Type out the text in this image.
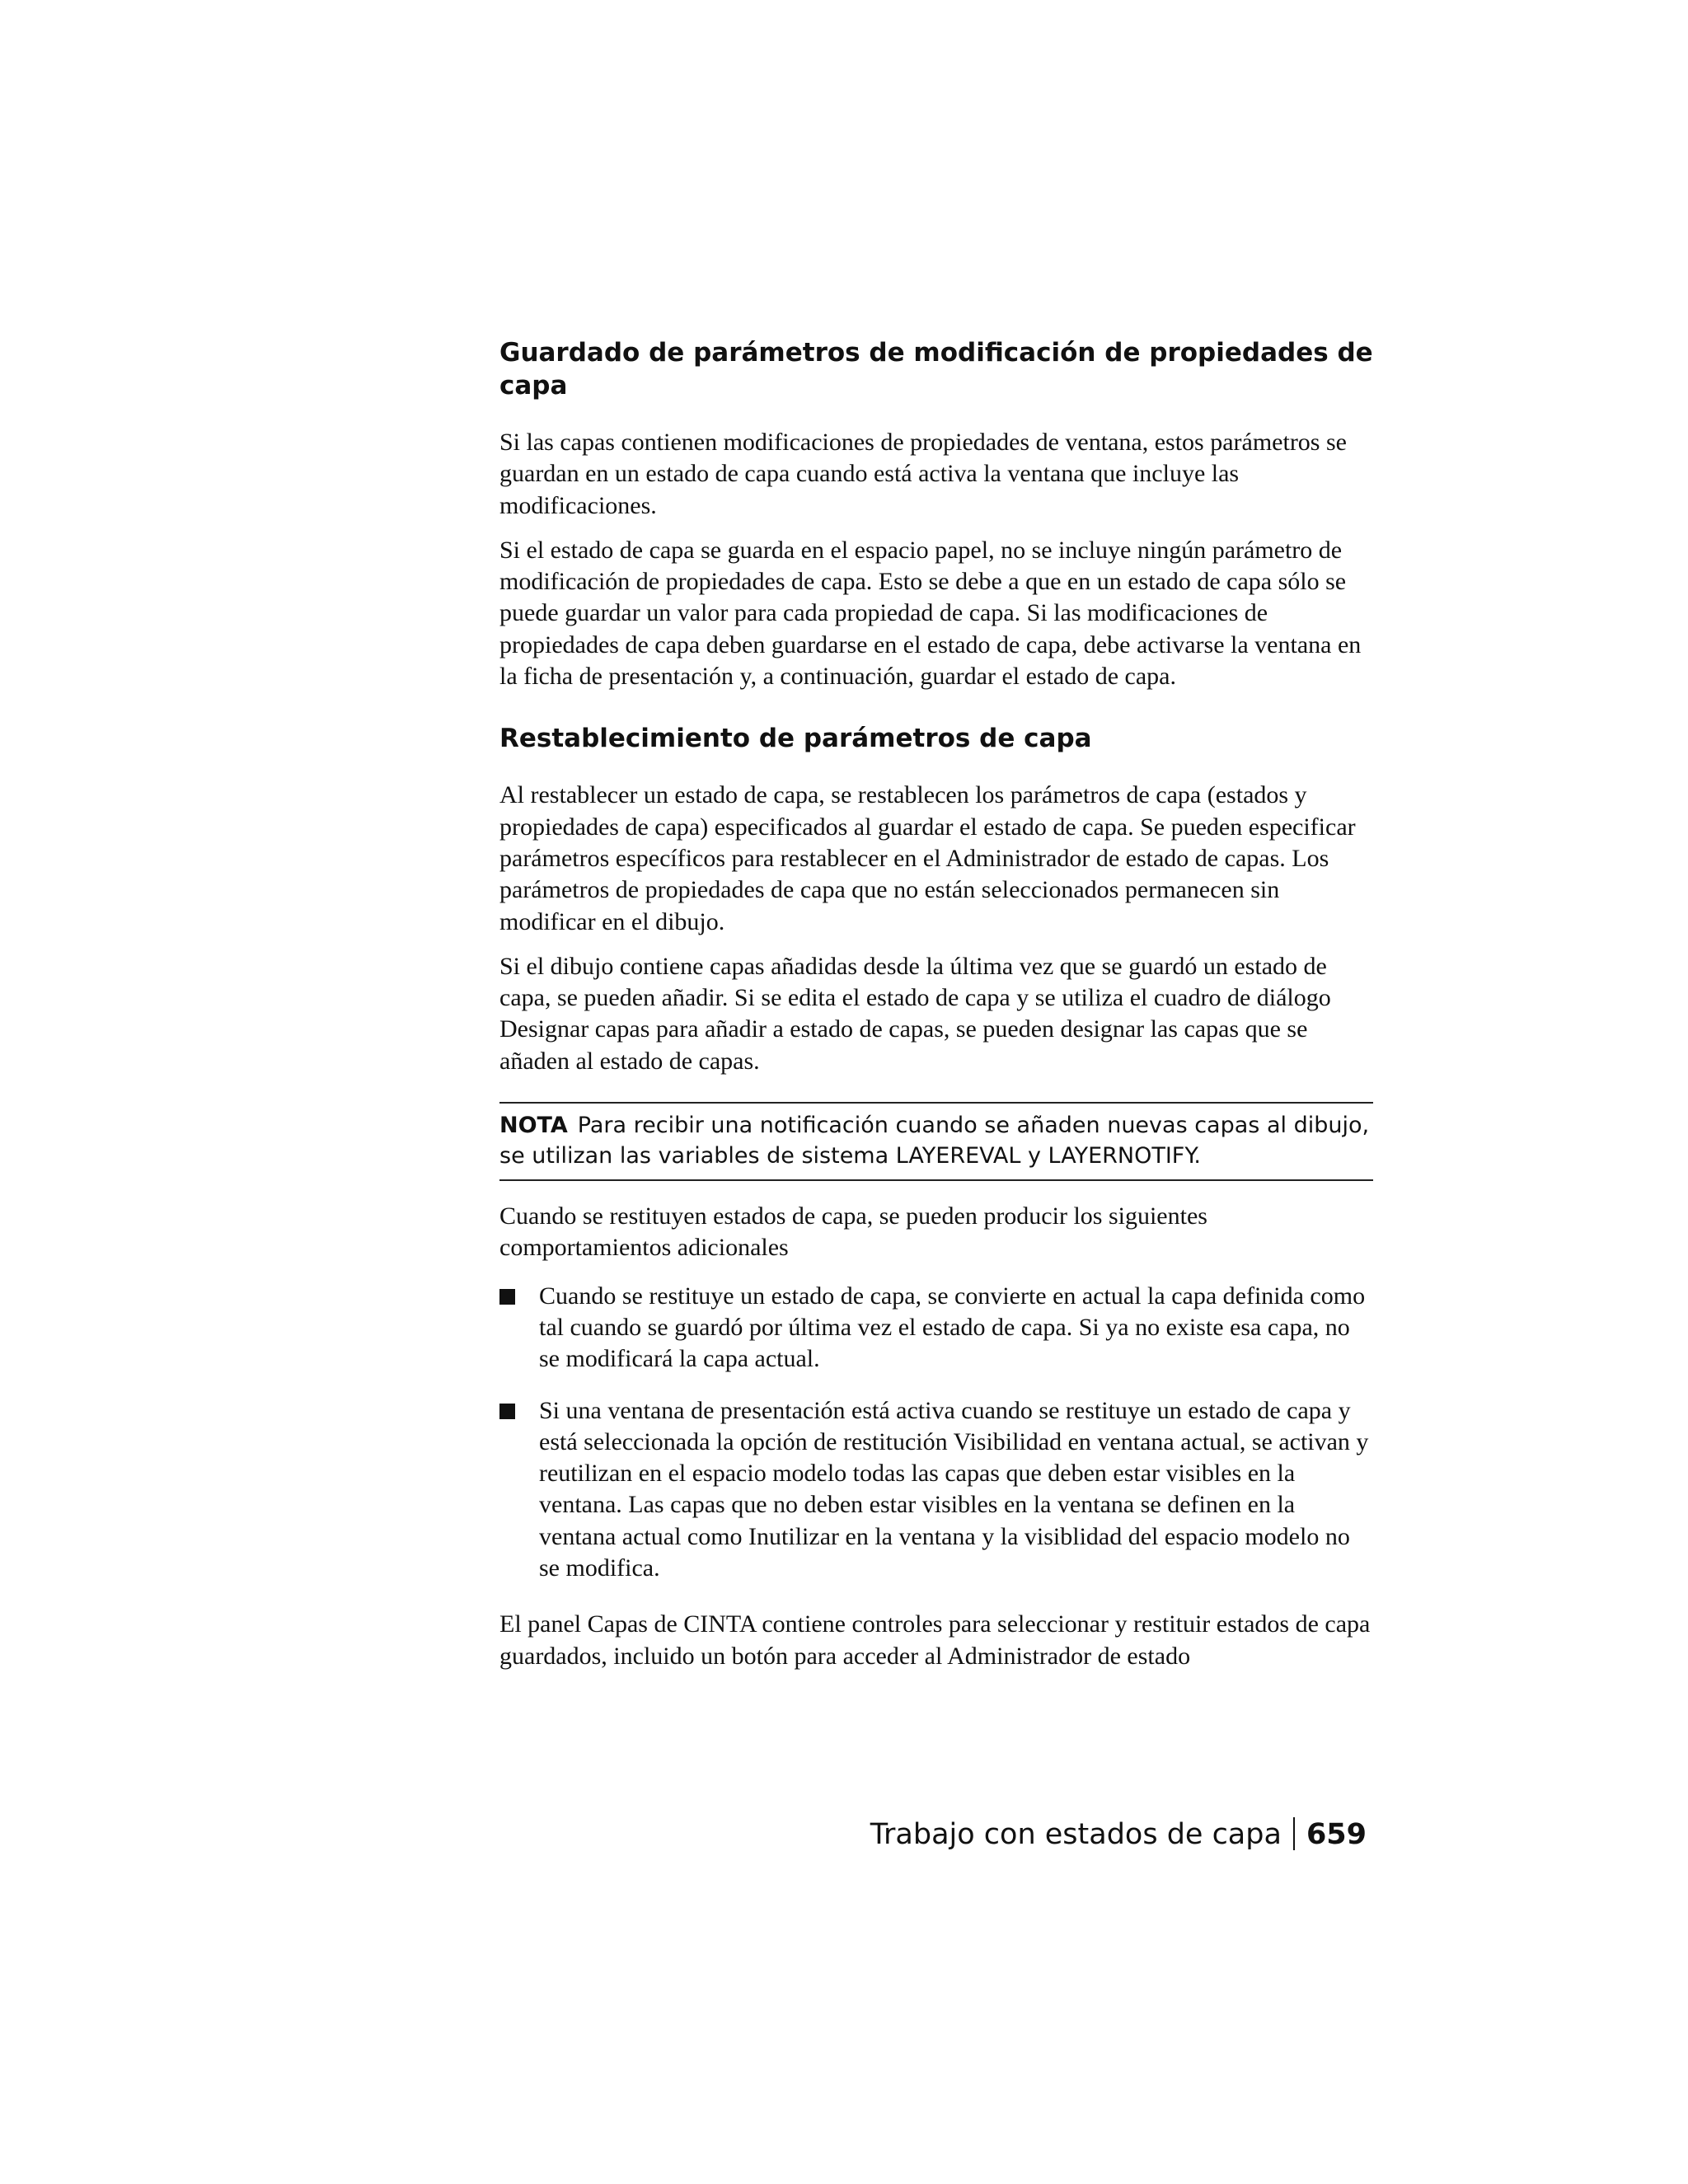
Guardado de parámetros de modificación de propiedades de capa

Si las capas contienen modificaciones de propiedades de ventana, estos parámetros se guardan en un estado de capa cuando está activa la ventana que incluye las modificaciones.

Si el estado de capa se guarda en el espacio papel, no se incluye ningún parámetro de modificación de propiedades de capa. Esto se debe a que en un estado de capa sólo se puede guardar un valor para cada propiedad de capa. Si las modificaciones de propiedades de capa deben guardarse en el estado de capa, debe activarse la ventana en la ficha de presentación y, a continuación, guardar el estado de capa.

Restablecimiento de parámetros de capa

Al restablecer un estado de capa, se restablecen los parámetros de capa (estados y propiedades de capa) especificados al guardar el estado de capa. Se pueden especificar parámetros específicos para restablecer en el Administrador de estado de capas. Los parámetros de propiedades de capa que no están seleccionados permanecen sin modificar en el dibujo.

Si el dibujo contiene capas añadidas desde la última vez que se guardó un estado de capa, se pueden añadir. Si se edita el estado de capa y se utiliza el cuadro de diálogo Designar capas para añadir a estado de capas, se pueden designar las capas que se añaden al estado de capas.

NOTA Para recibir una notificación cuando se añaden nuevas capas al dibujo, se utilizan las variables de sistema LAYEREVAL y LAYERNOTIFY.

Cuando se restituyen estados de capa, se pueden producir los siguientes comportamientos adicionales

Cuando se restituye un estado de capa, se convierte en actual la capa definida como tal cuando se guardó por última vez el estado de capa. Si ya no existe esa capa, no se modificará la capa actual.
Si una ventana de presentación está activa cuando se restituye un estado de capa y está seleccionada la opción de restitución Visibilidad en ventana actual, se activan y reutilizan en el espacio modelo todas las capas que deben estar visibles en la ventana. Las capas que no deben estar visibles en la ventana se definen en la ventana actual como Inutilizar en la ventana y la visiblidad del espacio modelo no se modifica.

El panel Capas de CINTA contiene controles para seleccionar y restituir estados de capa guardados, incluido un botón para acceder al Administrador de estado

Trabajo con estados de capa 659
